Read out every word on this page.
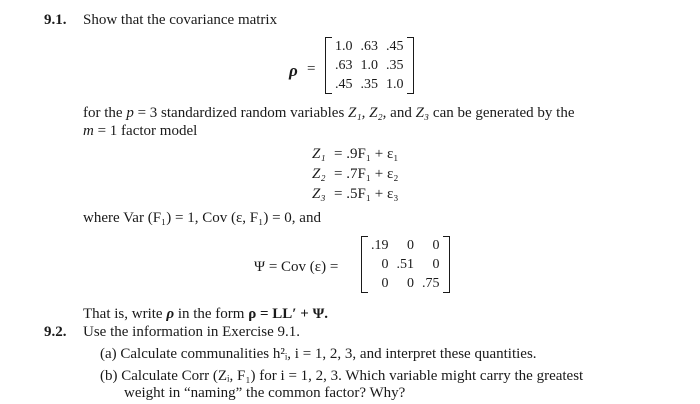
9.1. Show that the covariance matrix
ρ =
1.0	.63	.45
.63	1.0	.35
.45	.35	1.0
for the p = 3 standardized random variables Z₁, Z₂, and Z₃ can be generated by the
m = 1 factor model
Z₁ = .9F₁ + ε₁
Z₂ = .7F₁ + ε₂
Z₃ = .5F₁ + ε₃
where Var (F₁) = 1, Cov (ε, F₁) = 0, and
Ψ = Cov (ε) =
.19	0	0
0	.51	0
0	0	.75
That is, write ρ in the form ρ = LL′ + Ψ.
9.2. Use the information in Exercise 9.1.
(a) Calculate communalities h²ᵢ, i = 1, 2, 3, and interpret these quantities.
(b) Calculate Corr (Zᵢ, F₁) for i = 1, 2, 3. Which variable might carry the greatest
weight in “naming” the common factor? Why?
